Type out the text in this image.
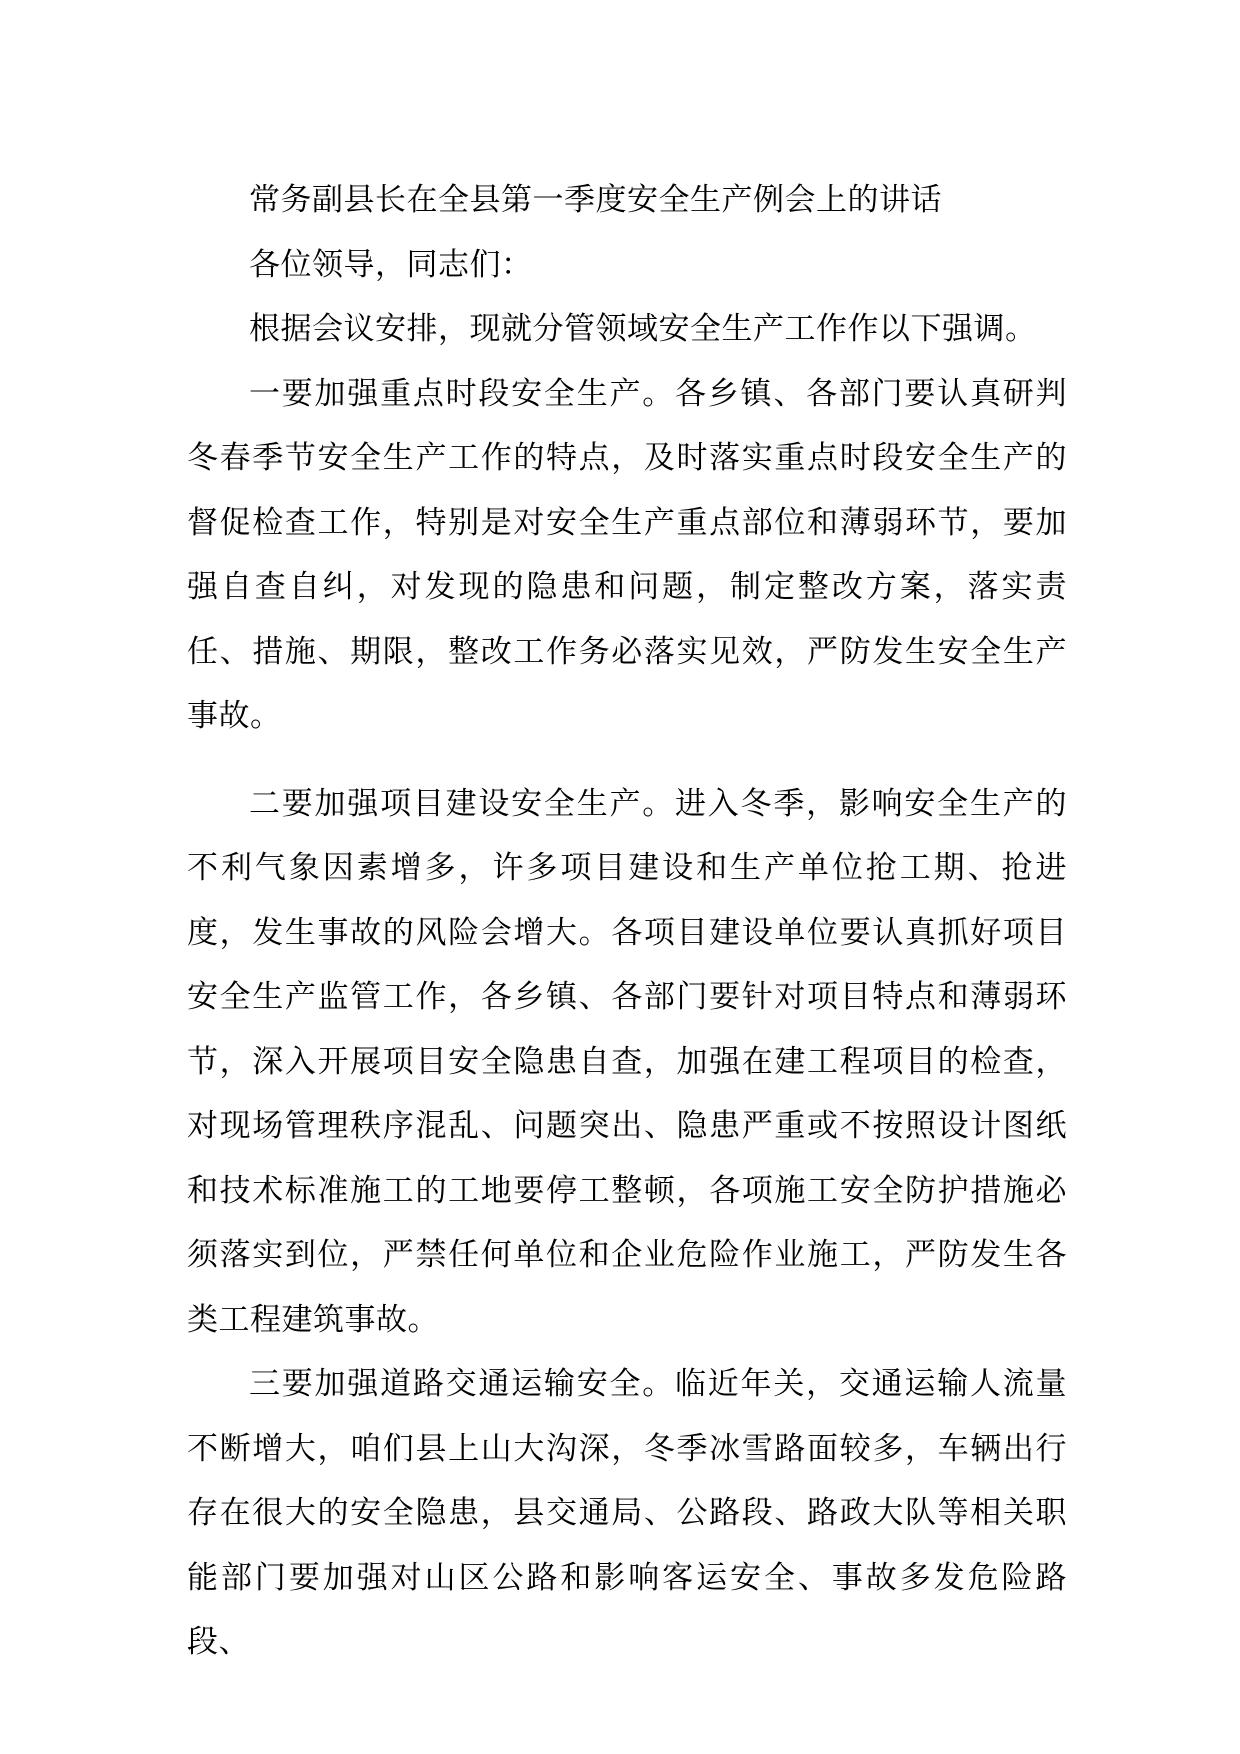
常务副县长在全县第一季度安全生产例会上的讲话

各位领导，同志们：

根据会议安排，现就分管领域安全生产工作作以下强调。

一要加强重点时段安全生产。各乡镇、各部门要认真研判冬春季节安全生产工作的特点，及时落实重点时段安全生产的督促检查工作，特别是对安全生产重点部位和薄弱环节，要加强自查自纠，对发现的隐患和问题，制定整改方案，落实责任、措施、期限，整改工作务必落实见效，严防发生安全生产事故。

二要加强项目建设安全生产。进入冬季，影响安全生产的不利气象因素增多，许多项目建设和生产单位抢工期、抢进度，发生事故的风险会增大。各项目建设单位要认真抓好项目安全生产监管工作，各乡镇、各部门要针对项目特点和薄弱环节，深入开展项目安全隐患自查，加强在建工程项目的检查，对现场管理秩序混乱、问题突出、隐患严重或不按照设计图纸和技术标准施工的工地要停工整顿，各项施工安全防护措施必须落实到位，严禁任何单位和企业危险作业施工，严防发生各类工程建筑事故。

三要加强道路交通运输安全。临近年关，交通运输人流量不断增大，咱们县上山大沟深，冬季冰雪路面较多，车辆出行存在很大的安全隐患，县交通局、公路段、路政大队等相关职能部门要加强对山区公路和影响客运安全、事故多发危险路段、
